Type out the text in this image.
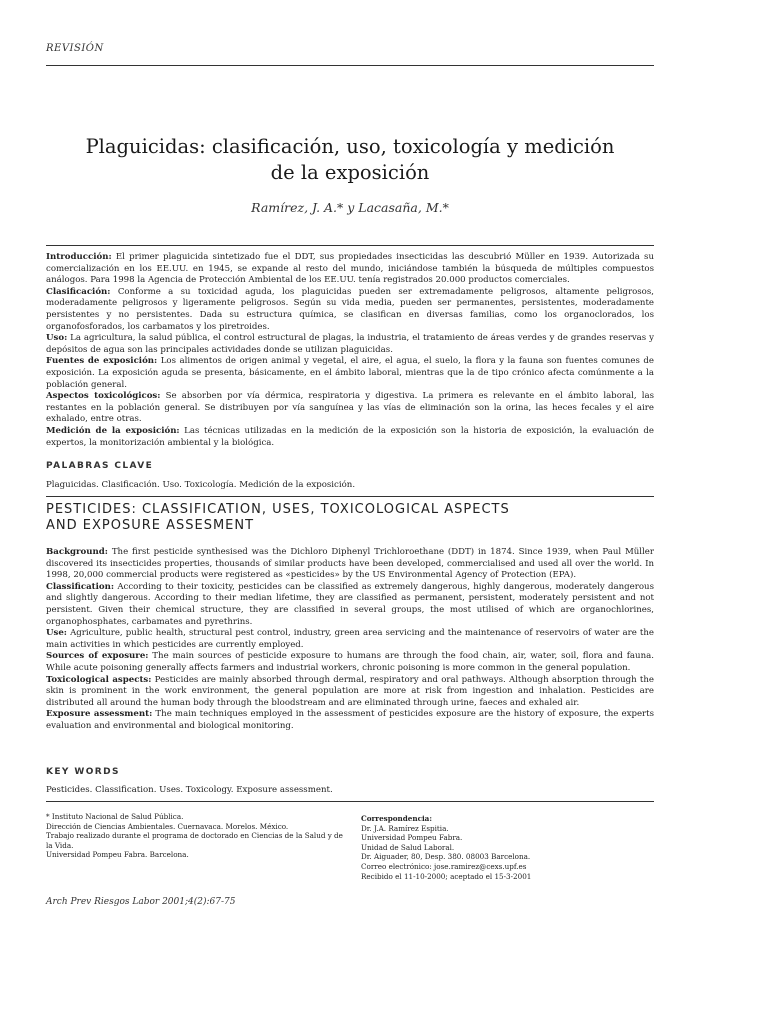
REVISIÓN
Plaguicidas: clasificación, uso, toxicología y medición
de la exposición
Ramírez, J. A.* y Lacasaña, M.*

Introducción: El primer plaguicida sintetizado fue el DDT, sus propiedades insecticidas las descubrió Müller en 1939. Autorizada su comercialización en los EE.UU. en 1945, se expande al resto del mundo, iniciándose también la búsqueda de múltiples compuestos análogos. Para 1998 la Agencia de Protección Ambiental de los EE.UU. tenía registrados 20.000 productos comerciales.

Clasificación: Conforme a su toxicidad aguda, los plaguicidas pueden ser extremadamente peligrosos, altamente peligrosos, moderadamente peligrosos y ligeramente peligrosos. Según su vida media, pueden ser permanentes, persistentes, moderadamente persistentes y no persistentes. Dada su estructura química, se clasifican en diversas familias, como los organoclorados, los organofosforados, los carbamatos y los piretroides.

Uso: La agricultura, la salud pública, el control estructural de plagas, la industria, el tratamiento de áreas verdes y de grandes reservas y depósitos de agua son las principales actividades donde se utilizan plaguicidas.

Fuentes de exposición: Los alimentos de origen animal y vegetal, el aire, el agua, el suelo, la flora y la fauna son fuentes comunes de exposición. La exposición aguda se presenta, básicamente, en el ámbito laboral, mientras que la de tipo crónico afecta comúnmente a la población general.

Aspectos toxicológicos: Se absorben por vía dérmica, respiratoria y digestiva. La primera es relevante en el ámbito laboral, las restantes en la población general. Se distribuyen por vía sanguínea y las vías de eliminación son la orina, las heces fecales y el aire exhalado, entre otras.

Medición de la exposición: Las técnicas utilizadas en la medición de la exposición son la historia de exposición, la evaluación de expertos, la monitorización ambiental y la biológica.

PALABRAS CLAVE
Plaguicidas. Clasificación. Uso. Toxicología. Medición de la exposición.
PESTICIDES: CLASSIFICATION, USES, TOXICOLOGICAL ASPECTS
AND EXPOSURE ASSESMENT

Background: The first pesticide synthesised was the Dichloro Diphenyl Trichloroethane (DDT) in 1874. Since 1939, when Paul Müller discovered its insecticides properties, thousands of similar products have been developed, commercialised and used all over the world. In 1998, 20,000 commercial products were registered as «pesticides» by the US Environmental Agency of Protection (EPA).

Classification: According to their toxicity, pesticides can be classified as extremely dangerous, highly dangerous, moderately dangerous and slightly dangerous. According to their median lifetime, they are classified as permanent, persistent, moderately persistent and not persistent. Given their chemical structure, they are classified in several groups, the most utilised of which are organochlorines, organophosphates, carbamates and pyrethrins.

Use: Agriculture, public health, structural pest control, industry, green area servicing and the maintenance of reservoirs of water are the main activities in which pesticides are currently employed.

Sources of exposure: The main sources of pesticide exposure to humans are through the food chain, air, water, soil, flora and fauna. While acute poisoning generally affects farmers and industrial workers, chronic poisoning is more common in the general population.

Toxicological aspects: Pesticides are mainly absorbed through dermal, respiratory and oral pathways. Although absorption through the skin is prominent in the work environment, the general population are more at risk from ingestion and inhalation. Pesticides are distributed all around the human body through the bloodstream and are eliminated through urine, faeces and exhaled air.

Exposure assessment: The main techniques employed in the assessment of pesticides exposure are the history of exposure, the experts evaluation and environmental and biological monitoring.

KEY WORDS
Pesticides. Classification. Uses. Toxicology. Exposure assessment.
* Instituto Nacional de Salud Pública.
Dirección de Ciencias Ambientales. Cuernavaca. Morelos. México.
Trabajo realizado durante el programa de doctorado en Ciencias de la Salud y de
la Vida.
Universidad Pompeu Fabra. Barcelona.
Correspondencia:
Dr. J.A. Ramírez Espitia.
Universidad Pompeu Fabra.
Unidad de Salud Laboral.
Dr. Aiguader, 80, Desp. 380. 08003 Barcelona.
Correo electrónico: jose.ramirez@cexs.upf.es
Recibido el 11-10-2000; aceptado el 15-3-2001
Arch Prev Riesgos Labor 2001;4(2):67-75
